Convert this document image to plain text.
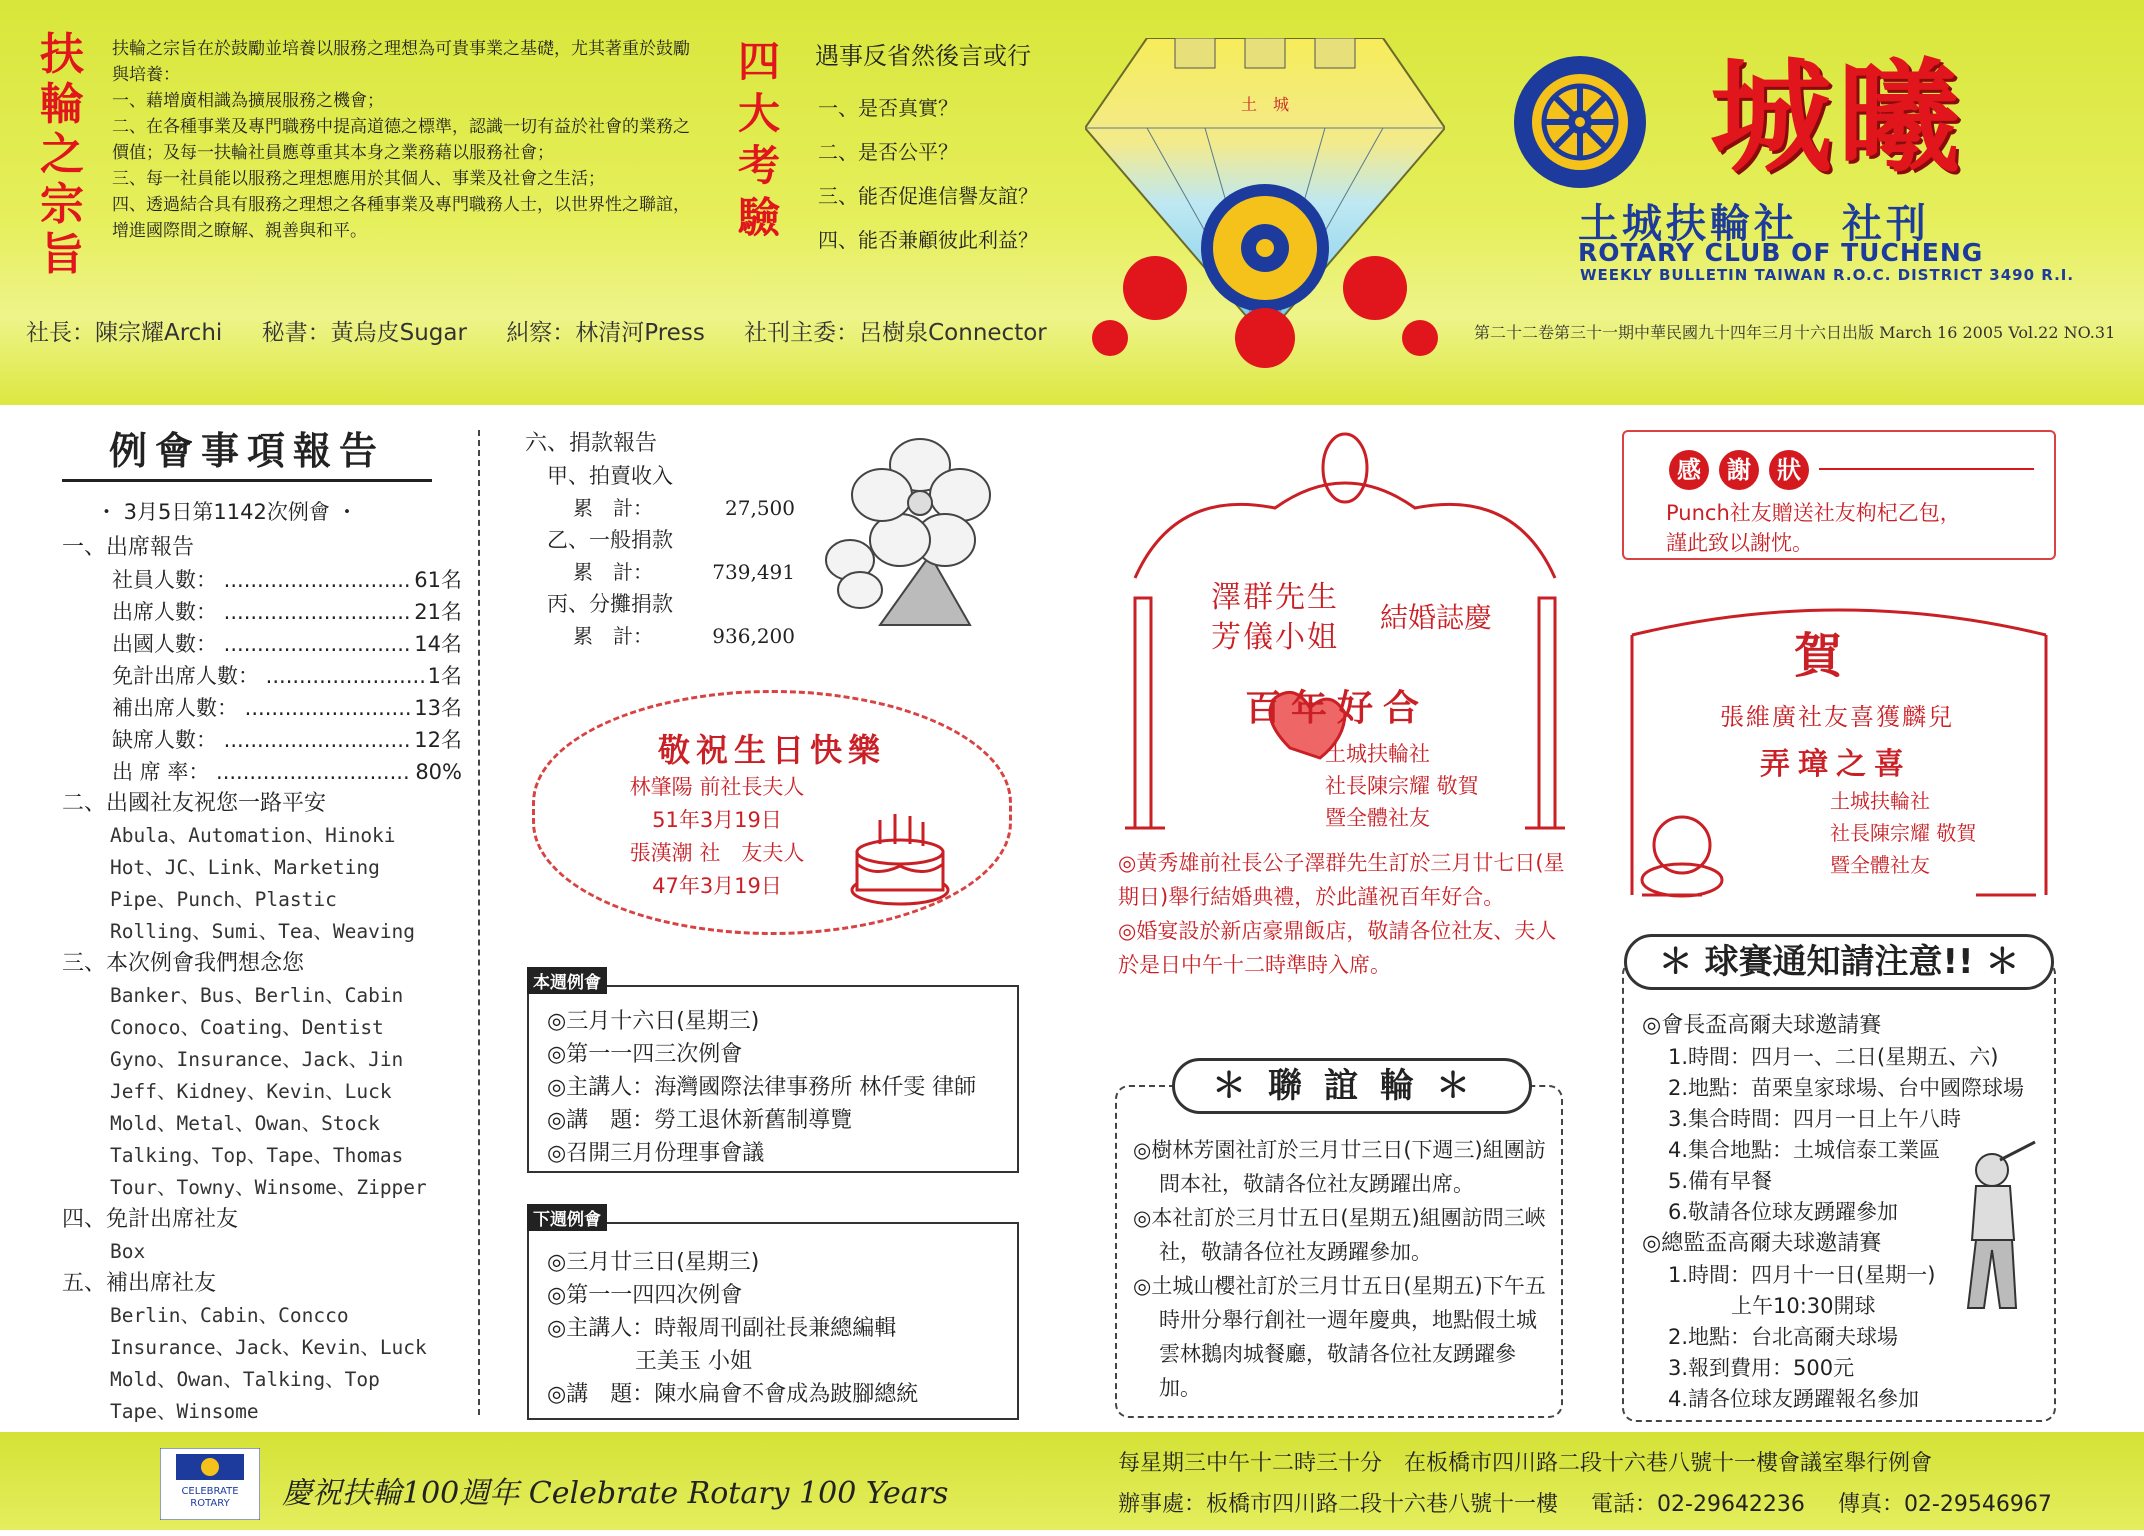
扶輪之宗旨

扶輪之宗旨在於鼓勵並培養以服務之理想為可貴事業之基礎，尤其著重於鼓勵與培養：

一、藉增廣相識為擴展服務之機會；

二、在各種事業及專門職務中提高道德之標準，認識一切有益於社會的業務之價值；及每一扶輪社員應尊重其本身之業務藉以服務社會；

三、每一社員能以服務之理想應用於其個人、事業及社會之生活；

四、透過結合具有服務之理想之各種事業及專門職務人士，以世界性之聯誼，增進國際間之瞭解、親善與和平。

四大考驗
遇事反省然後言或行
一、是否真實？
二、是否公平？
三、能否促進信譽友誼？
四、能否兼顧彼此利益？
社長：陳宗耀Archi 秘書：黃烏皮Sugar 糾察：林清河Press 社刊主委：呂樹泉Connector
土　城	城曦
土城扶輪社　社刊
ROTARY CLUB OF TUCHENG
WEEKLY BULLETIN TAIWAN R.O.C. DISTRICT 3490 R.I.
第二十二卷第三十一期中華民國九十四年三月十六日出版 March 16 2005 Vol.22 NO.31
例會事項報告
・ 3月5日第1142次例會 ・
一、出席報告
社員人數： .....	61名
出席人數： .....	21名
出國人數： .....	14名
免計出席人數： .....	1名
補出席人數： .....	13名
缺席人數： .....	12名
出 席 率： .....	80%
二、出國社友祝您一路平安
Abula、Automation、Hinoki
Hot、JC、Link、Marketing
Pipe、Punch、Plastic
Rolling、Sumi、Tea、Weaving
三、本次例會我們想念您
Banker、Bus、Berlin、Cabin
Conoco、Coating、Dentist
Gyno、Insurance、Jack、Jin
Jeff、Kidney、Kevin、Luck
Mold、Metal、Owan、Stock
Talking、Top、Tape、Thomas
Tour、Towny、Winsome、Zipper
四、免計出席社友
Box
五、補出席社友
Berlin、Cabin、Concco
Insurance、Jack、Kevin、Luck
Mold、Owan、Talking、Top
Tape、Winsome
六、捐款報告
甲、拍賣收入
累　計：	27,500
乙、一般捐款
累　計：	739,491
丙、分攤捐款
累　計：	936,200
敬祝生日快樂
林肇陽 前社長夫人
51年3月19日
張漢潮 社　友夫人
47年3月19日
本週例會
◎三月十六日(星期三)
◎第一一四三次例會
◎主講人：海灣國際法律事務所 林仟雯 律師
◎講　題：勞工退休新舊制導覽
◎召開三月份理事會議
下週例會
◎三月廿三日(星期三)
◎第一一四四次例會
◎主講人：時報周刊副社長兼總編輯
　　　　王美玉 小姐
◎講　題：陳水扁會不會成為跛腳總統
澤群先生
芳儀小姐
結婚誌慶
百年好合
土城扶輪社
社長陳宗耀 敬賀
暨全體社友

◎黃秀雄前社長公子澤群先生訂於三月廿七日(星期日)舉行結婚典禮，於此謹祝百年好合。

◎婚宴設於新店豪鼎飯店，敬請各位社友、夫人於是日中午十二時準時入席。

◎樹林芳園社訂於三月廿三日(下週三)組團訪問本社，敬請各位社友踴躍出席。

◎本社訂於三月廿五日(星期五)組團訪問三峽社，敬請各位社友踴躍參加。

◎土城山櫻社訂於三月廿五日(星期五)下午五時卅分舉行創社一週年慶典，地點假土城雲林鵝肉城餐廳，敬請各位社友踴躍參加。

＊聯誼輪＊
感 謝 狀
Punch社友贈送社友枸杞乙包，
謹此致以謝忱。
賀
張維廣社友喜獲麟兒
弄璋之喜
土城扶輪社
社長陳宗耀 敬賀
暨全體社友
◎會長盃高爾夫球邀請賽
1.時間：四月一、二日(星期五、六)
2.地點：苗栗皇家球場、台中國際球場
3.集合時間：四月一日上午八時
4.集合地點：土城信泰工業區
5.備有早餐
6.敬請各位球友踴躍參加
◎總監盃高爾夫球邀請賽
1.時間：四月十一日(星期一)
　　　上午10:30開球
2.地點：台北高爾夫球場
3.報到費用：500元
4.請各位球友踴躍報名參加
＊ 球賽通知請注意!! ＊
CELEBRATE
ROTARY 慶祝扶輪100週年 Celebrate Rotary 100 Years
每星期三中午十二時三十分　在板橋市四川路二段十六巷八號十一樓會議室舉行例會
辦事處：板橋市四川路二段十六巷八號十一樓 電話：02-29642236 傳真：02-29546967
